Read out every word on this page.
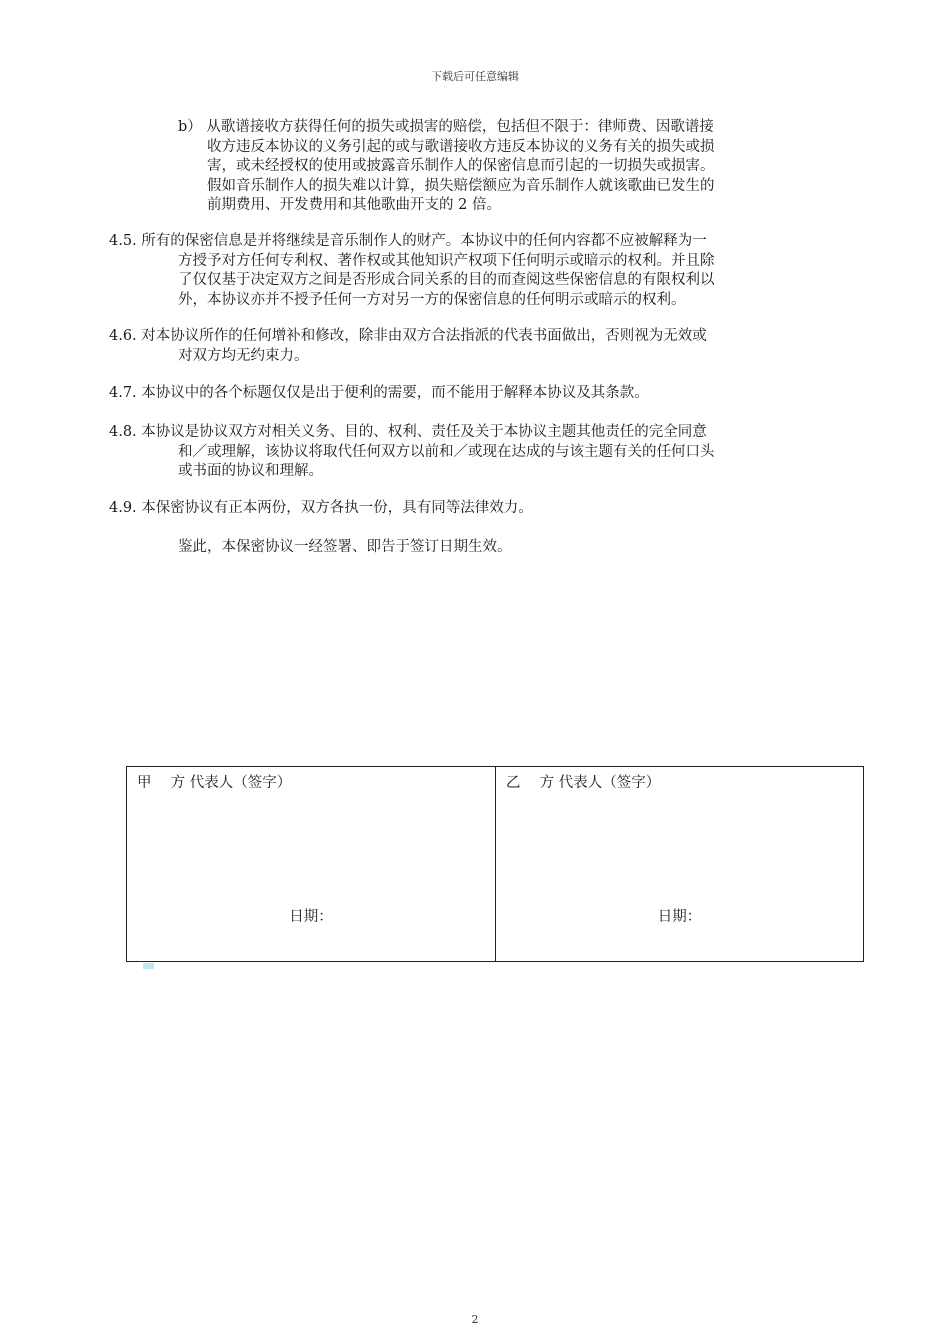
下载后可任意编辑
b） 从歌谱接收方获得任何的损失或损害的赔偿，包括但不限于：律师费、因歌谱接
收方违反本协议的义务引起的或与歌谱接收方违反本协议的义务有关的损失或损
害，或未经授权的使用或披露音乐制作人的保密信息而引起的一切损失或损害。
假如音乐制作人的损失难以计算，损失赔偿额应为音乐制作人就该歌曲已发生的
前期费用、开发费用和其他歌曲开支的 2 倍。
4.5. 所有的保密信息是并将继续是音乐制作人的财产。本协议中的任何内容都不应被解释为一
方授予对方任何专利权、著作权或其他知识产权项下任何明示或暗示的权利。并且除
了仅仅基于决定双方之间是否形成合同关系的目的而查阅这些保密信息的有限权利以
外，本协议亦并不授予任何一方对另一方的保密信息的任何明示或暗示的权利。
4.6. 对本协议所作的任何增补和修改，除非由双方合法指派的代表书面做出，否则视为无效或
对双方均无约束力。
4.7. 本协议中的各个标题仅仅是出于便利的需要，而不能用于解释本协议及其条款。
4.8. 本协议是协议双方对相关义务、目的、权利、责任及关于本协议主题其他责任的完全同意
和／或理解，该协议将取代任何双方以前和／或现在达成的与该主题有关的任何口头
或书面的协议和理解。
4.9. 本保密协议有正本两份，双方各执一份，具有同等法律效力。
鉴此，本保密协议一经签署、即告于签订日期生效。
甲　 方 代表人（签字）
日期：
乙　 方 代表人（签字）
日期：
2
